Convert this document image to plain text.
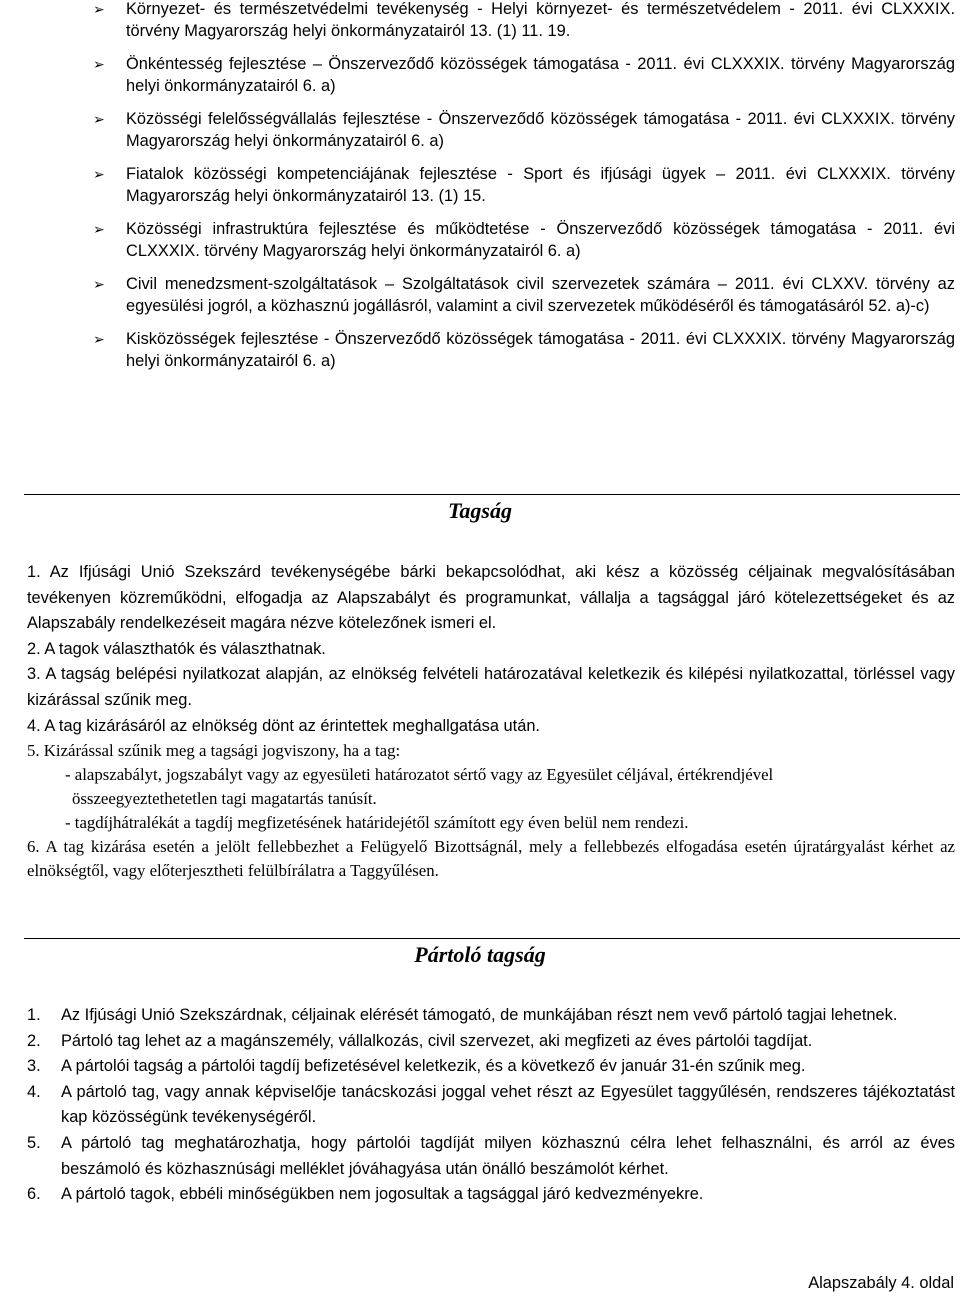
➢ Környezet- és természetvédelmi tevékenység - Helyi környezet- és természetvédelem - 2011. évi CLXXXIX. törvény Magyarország helyi önkormányzatairól 13. (1) 11. 19.
➢ Önkéntesség fejlesztése – Önszerveződő közösségek támogatása - 2011. évi CLXXXIX. törvény Magyarország helyi önkormányzatairól 6. a)
➢ Közösségi felelősségvállalás fejlesztése - Önszerveződő közösségek támogatása - 2011. évi CLXXXIX. törvény Magyarország helyi önkormányzatairól 6. a)
➢ Fiatalok közösségi kompetenciájának fejlesztése - Sport és ifjúsági ügyek – 2011. évi CLXXXIX. törvény Magyarország helyi önkormányzatairól 13. (1) 15.
➢ Közösségi infrastruktúra fejlesztése és működtetése - Önszerveződő közösségek támogatása - 2011. évi CLXXXIX. törvény Magyarország helyi önkormányzatairól 6. a)
➢ Civil menedzsment-szolgáltatások – Szolgáltatások civil szervezetek számára – 2011. évi CLXXV. törvény az egyesülési jogról, a közhasznú jogállásról, valamint a civil szervezetek működéséről és támogatásáról 52. a)-c)
➢ Kisközösségek fejlesztése - Önszerveződő közösségek támogatása - 2011. évi CLXXXIX. törvény Magyarország helyi önkormányzatairól 6. a)
Tagság
1. Az Ifjúsági Unió Szekszárd tevékenységébe bárki bekapcsolódhat, aki kész a közösség céljainak megvalósításában tevékenyen közreműködni, elfogadja az Alapszabályt és programunkat, vállalja a tagsággal járó kötelezettségeket és az Alapszabály rendelkezéseit magára nézve kötelezőnek ismeri el.
2. A tagok választhatók és választhatnak.
3. A tagság belépési nyilatkozat alapján, az elnökség felvételi határozatával keletkezik és kilépési nyilatkozattal, törléssel vagy kizárással szűnik meg.
4. A tag kizárásáról az elnökség dönt az érintettek meghallgatása után.
5. Kizárással szűnik meg a tagsági jogviszony, ha a tag:
- alapszabályt, jogszabályt vagy az egyesületi határozatot sértő vagy az Egyesület céljával, értékrendjével
összeegyeztethetetlen tagi magatartás tanúsít.
- tagdíjhátralékát a tagdíj megfizetésének határidejétől számított egy éven belül nem rendezi.
6. A tag kizárása esetén a jelölt fellebbezhet a Felügyelő Bizottságnál, mely a fellebbezés elfogadása esetén újratárgyalást kérhet az elnökségtől, vagy előterjesztheti felülbírálatra a Taggyűlésen.
Pártoló tagság
1. Az Ifjúsági Unió Szekszárdnak, céljainak elérését támogató, de munkájában részt nem vevő pártoló tagjai lehetnek.
2. Pártoló tag lehet az a magánszemély, vállalkozás, civil szervezet, aki megfizeti az éves pártolói tagdíjat.
3. A pártolói tagság a pártolói tagdíj befizetésével keletkezik, és a következő év január 31-én szűnik meg.
4. A pártoló tag, vagy annak képviselője tanácskozási joggal vehet részt az Egyesület taggyűlésén, rendszeres tájékoztatást kap közösségünk tevékenységéről.
5. A pártoló tag meghatározhatja, hogy pártolói tagdíját milyen közhasznú célra lehet felhasználni, és arról az éves beszámoló és közhasznúsági melléklet jóváhagyása után önálló beszámolót kérhet.
6. A pártoló tagok, ebbéli minőségükben nem jogosultak a tagsággal járó kedvezményekre.
Alapszabály 4. oldal
